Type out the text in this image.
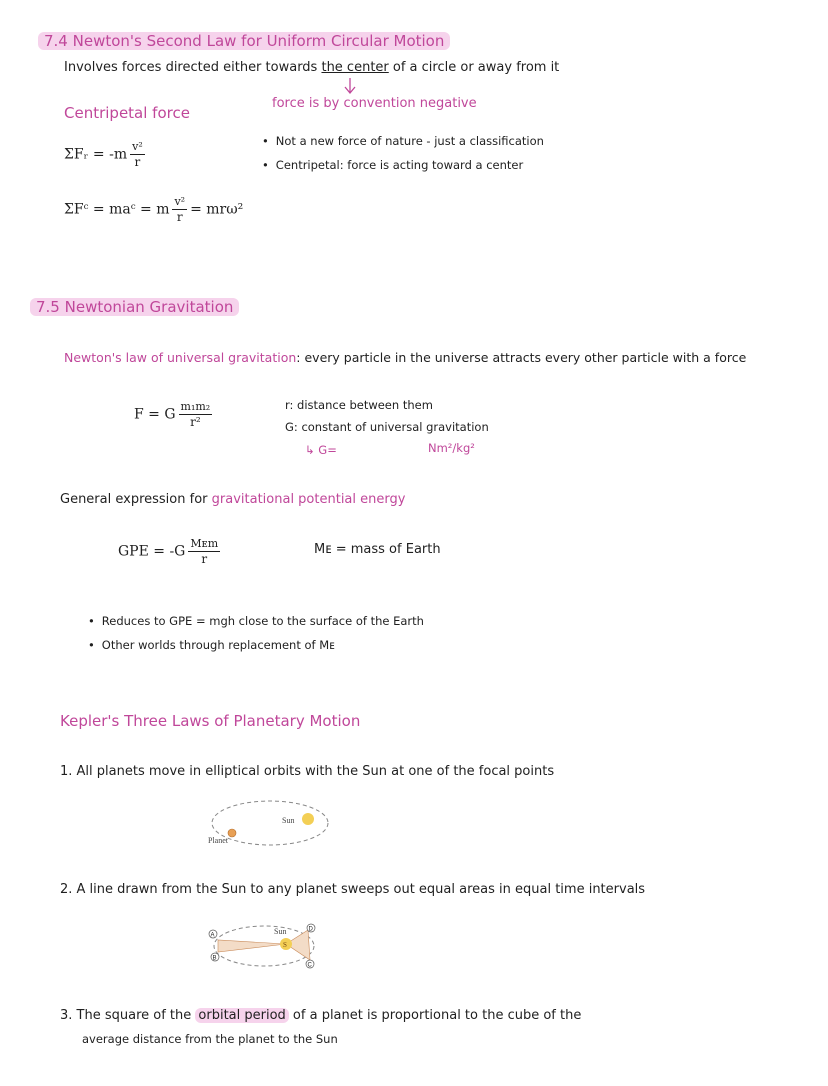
7.4 Newton's Second Law for Uniform Circular Motion
Involves forces directed either towards the center of a circle or away from it
force is by convention negative
Centripetal force
• Not a new force of nature - just a classification
• Centripetal: force is acting toward a center
ΣFᵣ = $-m \frac{\text{v²}}{r}$
ΣFᶜ = maᶜ = m $\frac{\text{v²}}{r} = mr\omega^2$
7.5 Newtonian Gravitation
Newton's law of universal gravitation: every particle in the universe attracts every other particle with a force
F = G $\frac{\text{m₁m₂}}{\text{r²}}$	r: distance between them
G: constant of universal gravitation
↳ G=	Nm²/kg²
General expression for gravitational potential energy
GPE = $-G \frac{\text{Mᴇm}}{r}$	Mᴇ = mass of Earth
• Reduces to GPE = mgh close to the surface of the Earth
• Other worlds through replacement of Mᴇ
Kepler's Three Laws of Planetary Motion
1. All planets move in elliptical orbits with the Sun at one of the focal points
Sun
Planet
2. A line drawn from the Sun to any planet sweeps out equal areas in equal time intervals
S
Sun
A
B
C
D
3. The square of the orbital period of a planet is proportional to the cube of the
average distance from the planet to the Sun
